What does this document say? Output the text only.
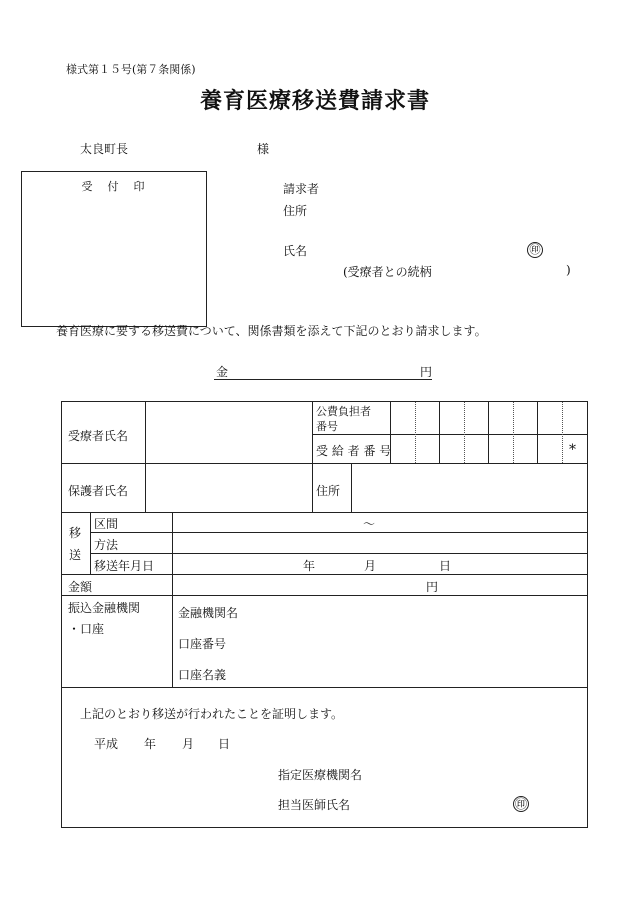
様式第１５号(第７条関係)
養育医療移送費請求書
太良町長	様
受　付　印	請求者
住所
氏名	㊞
(受療者との続柄	)
養育医療に要する移送費について、関係書類を添えて下記のとおり請求します。
金	円
受療者氏名
公費負担者
番号
受 給 者 番 号	*
保護者氏名	住所
移
送
区間	～
方法
移送年月日	年	月	日
金額	円
振込金融機関
・口座
金融機関名
口座番号
口座名義
上記のとおり移送が行われたことを証明します。
平成 年 月 日
指定医療機関名
担当医師氏名	㊞
